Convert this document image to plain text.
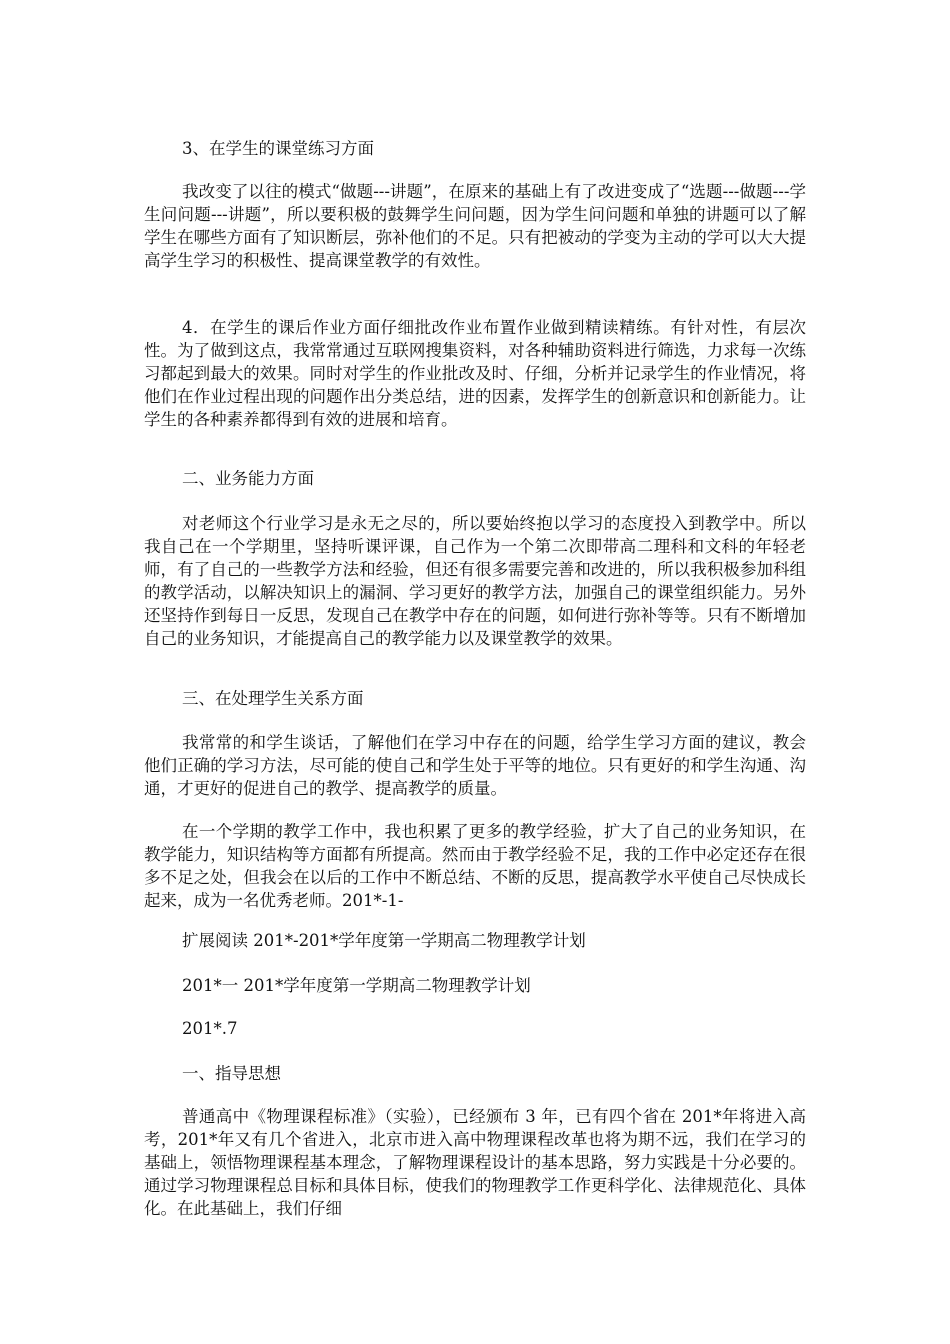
3、在学生的课堂练习方面

我改变了以往的模式“做题---讲题”，在原来的基础上有了改进变成了“选题---做题---学生问问题---讲题”，所以要积极的鼓舞学生问问题，因为学生问问题和单独的讲题可以了解学生在哪些方面有了知识断层，弥补他们的不足。只有把被动的学变为主动的学可以大大提高学生学习的积极性、提高课堂教学的有效性。

4．在学生的课后作业方面仔细批改作业布置作业做到精读精练。有针对性，有层次性。为了做到这点，我常常通过互联网搜集资料，对各种辅助资料进行筛选，力求每一次练习都起到最大的效果。同时对学生的作业批改及时、仔细，分析并记录学生的作业情况，将他们在作业过程出现的问题作出分类总结，进的因素，发挥学生的创新意识和创新能力。让学生的各种素养都得到有效的进展和培育。

二、业务能力方面

对老师这个行业学习是永无之尽的，所以要始终抱以学习的态度投入到教学中。所以我自己在一个学期里，坚持听课评课，自己作为一个第二次即带高二理科和文科的年轻老师，有了自己的一些教学方法和经验，但还有很多需要完善和改进的，所以我积极参加科组的教学活动，以解决知识上的漏洞、学习更好的教学方法，加强自己的课堂组织能力。另外还坚持作到每日一反思，发现自己在教学中存在的问题，如何进行弥补等等。只有不断增加自己的业务知识，才能提高自己的教学能力以及课堂教学的效果。

三、在处理学生关系方面

我常常的和学生谈话，了解他们在学习中存在的问题，给学生学习方面的建议，教会他们正确的学习方法，尽可能的使自己和学生处于平等的地位。只有更好的和学生沟通、沟通，才更好的促进自己的教学、提高教学的质量。

在一个学期的教学工作中，我也积累了更多的教学经验，扩大了自己的业务知识，在教学能力，知识结构等方面都有所提高。然而由于教学经验不足，我的工作中必定还存在很多不足之处，但我会在以后的工作中不断总结、不断的反思，提高教学水平使自己尽快成长起来，成为一名优秀老师。201*-1-

扩展阅读 201*-201*学年度第一学期高二物理教学计划

201*一 201*学年度第一学期高二物理教学计划

201*.7

一、指导思想

普通高中《物理课程标准》（实验），已经颁布 3 年，已有四个省在 201*年将进入高考，201*年又有几个省进入，北京市进入高中物理课程改革也将为期不远，我们在学习的基础上，领悟物理课程基本理念，了解物理课程设计的基本思路，努力实践是十分必要的。通过学习物理课程总目标和具体目标，使我们的物理教学工作更科学化、法律规范化、具体化。在此基础上，我们仔细
